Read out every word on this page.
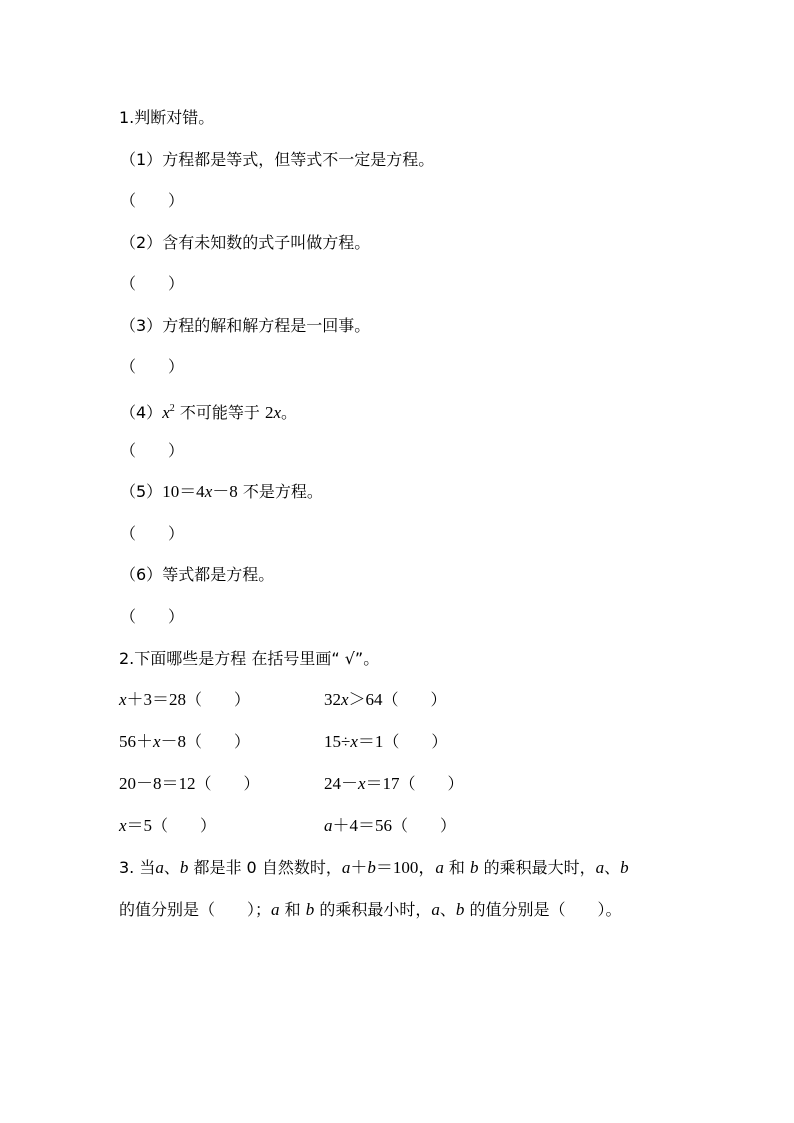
1.判断对错。
（1）方程都是等式，但等式不一定是方程。
（　　）
（2）含有未知数的式子叫做方程。
（　　）
（3）方程的解和解方程是一回事。
（　　）
$(4)x^2$ 不可能等于 2x。
（　　）
（5）10＝4x－8 不是方程。
（　　）
（6）等式都是方程。
（　　）
2.下面哪些是方程 在括号里画“ √”。
x＋3＝28（　　）	32x＞64（　　）
56＋x－8（　　）	15÷x＝1（　　）
20－8＝12（　　）	24－x＝17（　　）
x＝5（　　）	a＋4＝56（　　）
3. 当a、b 都是非 0 自然数时，a＋b＝100，a 和 b 的乘积最大时，a、b
的值分别是（　　）；a 和 b 的乘积最小时，a、b 的值分别是（　　）。
